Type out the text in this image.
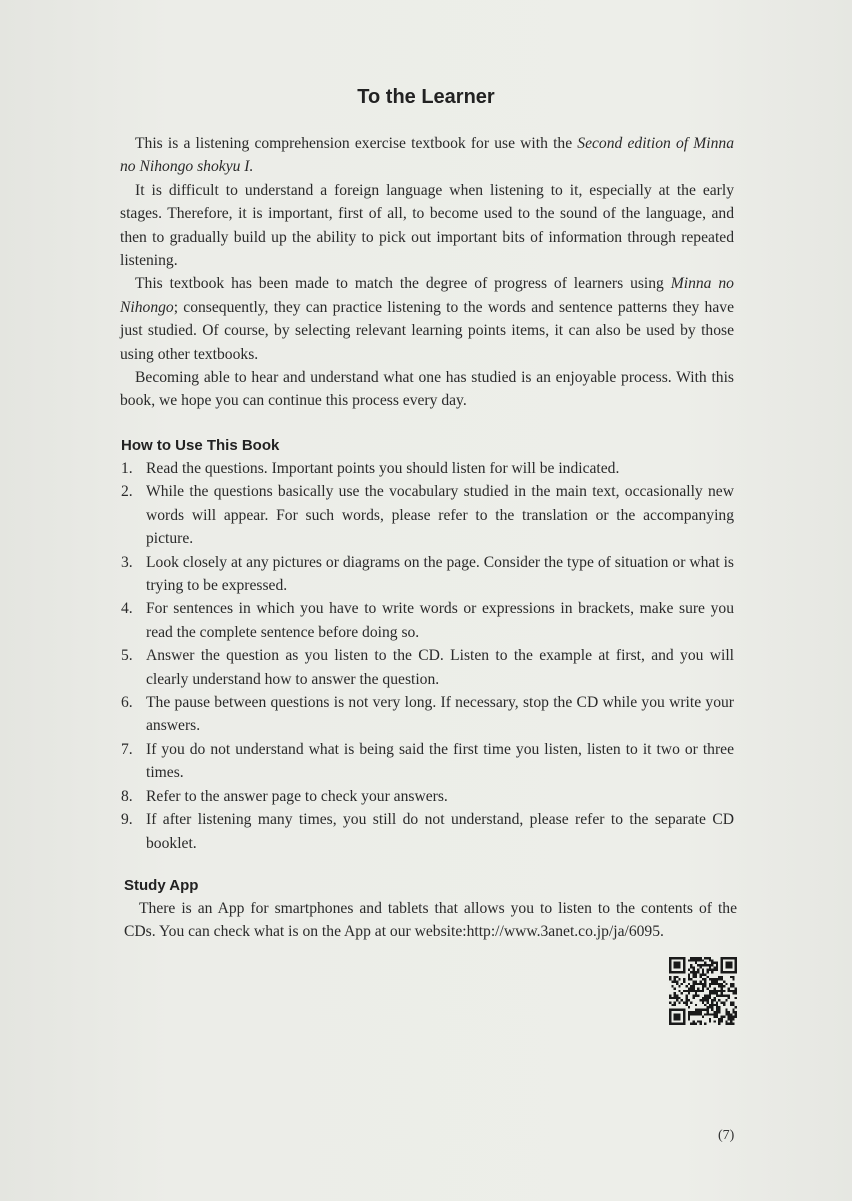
To the Learner

This is a listening comprehension exercise textbook for use with the Second edition of Minna no Nihongo shokyu I.

It is difficult to understand a foreign language when listening to it, especially at the early stages. Therefore, it is important, first of all, to become used to the sound of the language, and then to gradually build up the ability to pick out important bits of information through repeated listening.

This textbook has been made to match the degree of progress of learners using Minna no Nihongo; consequently, they can practice listening to the words and sentence patterns they have just studied. Of course, by selecting relevant learning points items, it can also be used by those using other textbooks.

Becoming able to hear and understand what one has studied is an enjoyable process. With this book, we hope you can continue this process every day.

How to Use This Book
1. Read the questions. Important points you should listen for will be indicated.
2. While the questions basically use the vocabulary studied in the main text, occasionally new words will appear. For such words, please refer to the translation or the accompanying picture.
3. Look closely at any pictures or diagrams on the page. Consider the type of situation or what is trying to be expressed.
4. For sentences in which you have to write words or expressions in brackets, make sure you read the complete sentence before doing so.
5. Answer the question as you listen to the CD. Listen to the example at first, and you will clearly understand how to answer the question.
6. The pause between questions is not very long. If necessary, stop the CD while you write your answers.
7. If you do not understand what is being said the first time you listen, listen to it two or three times.
8. Refer to the answer page to check your answers.
9. If after listening many times, you still do not understand, please refer to the separate CD booklet.
Study App

There is an App for smartphones and tablets that allows you to listen to the contents of the CDs. You can check what is on the App at our website:http://www.3anet.co.jp/ja/6095.

(7)
